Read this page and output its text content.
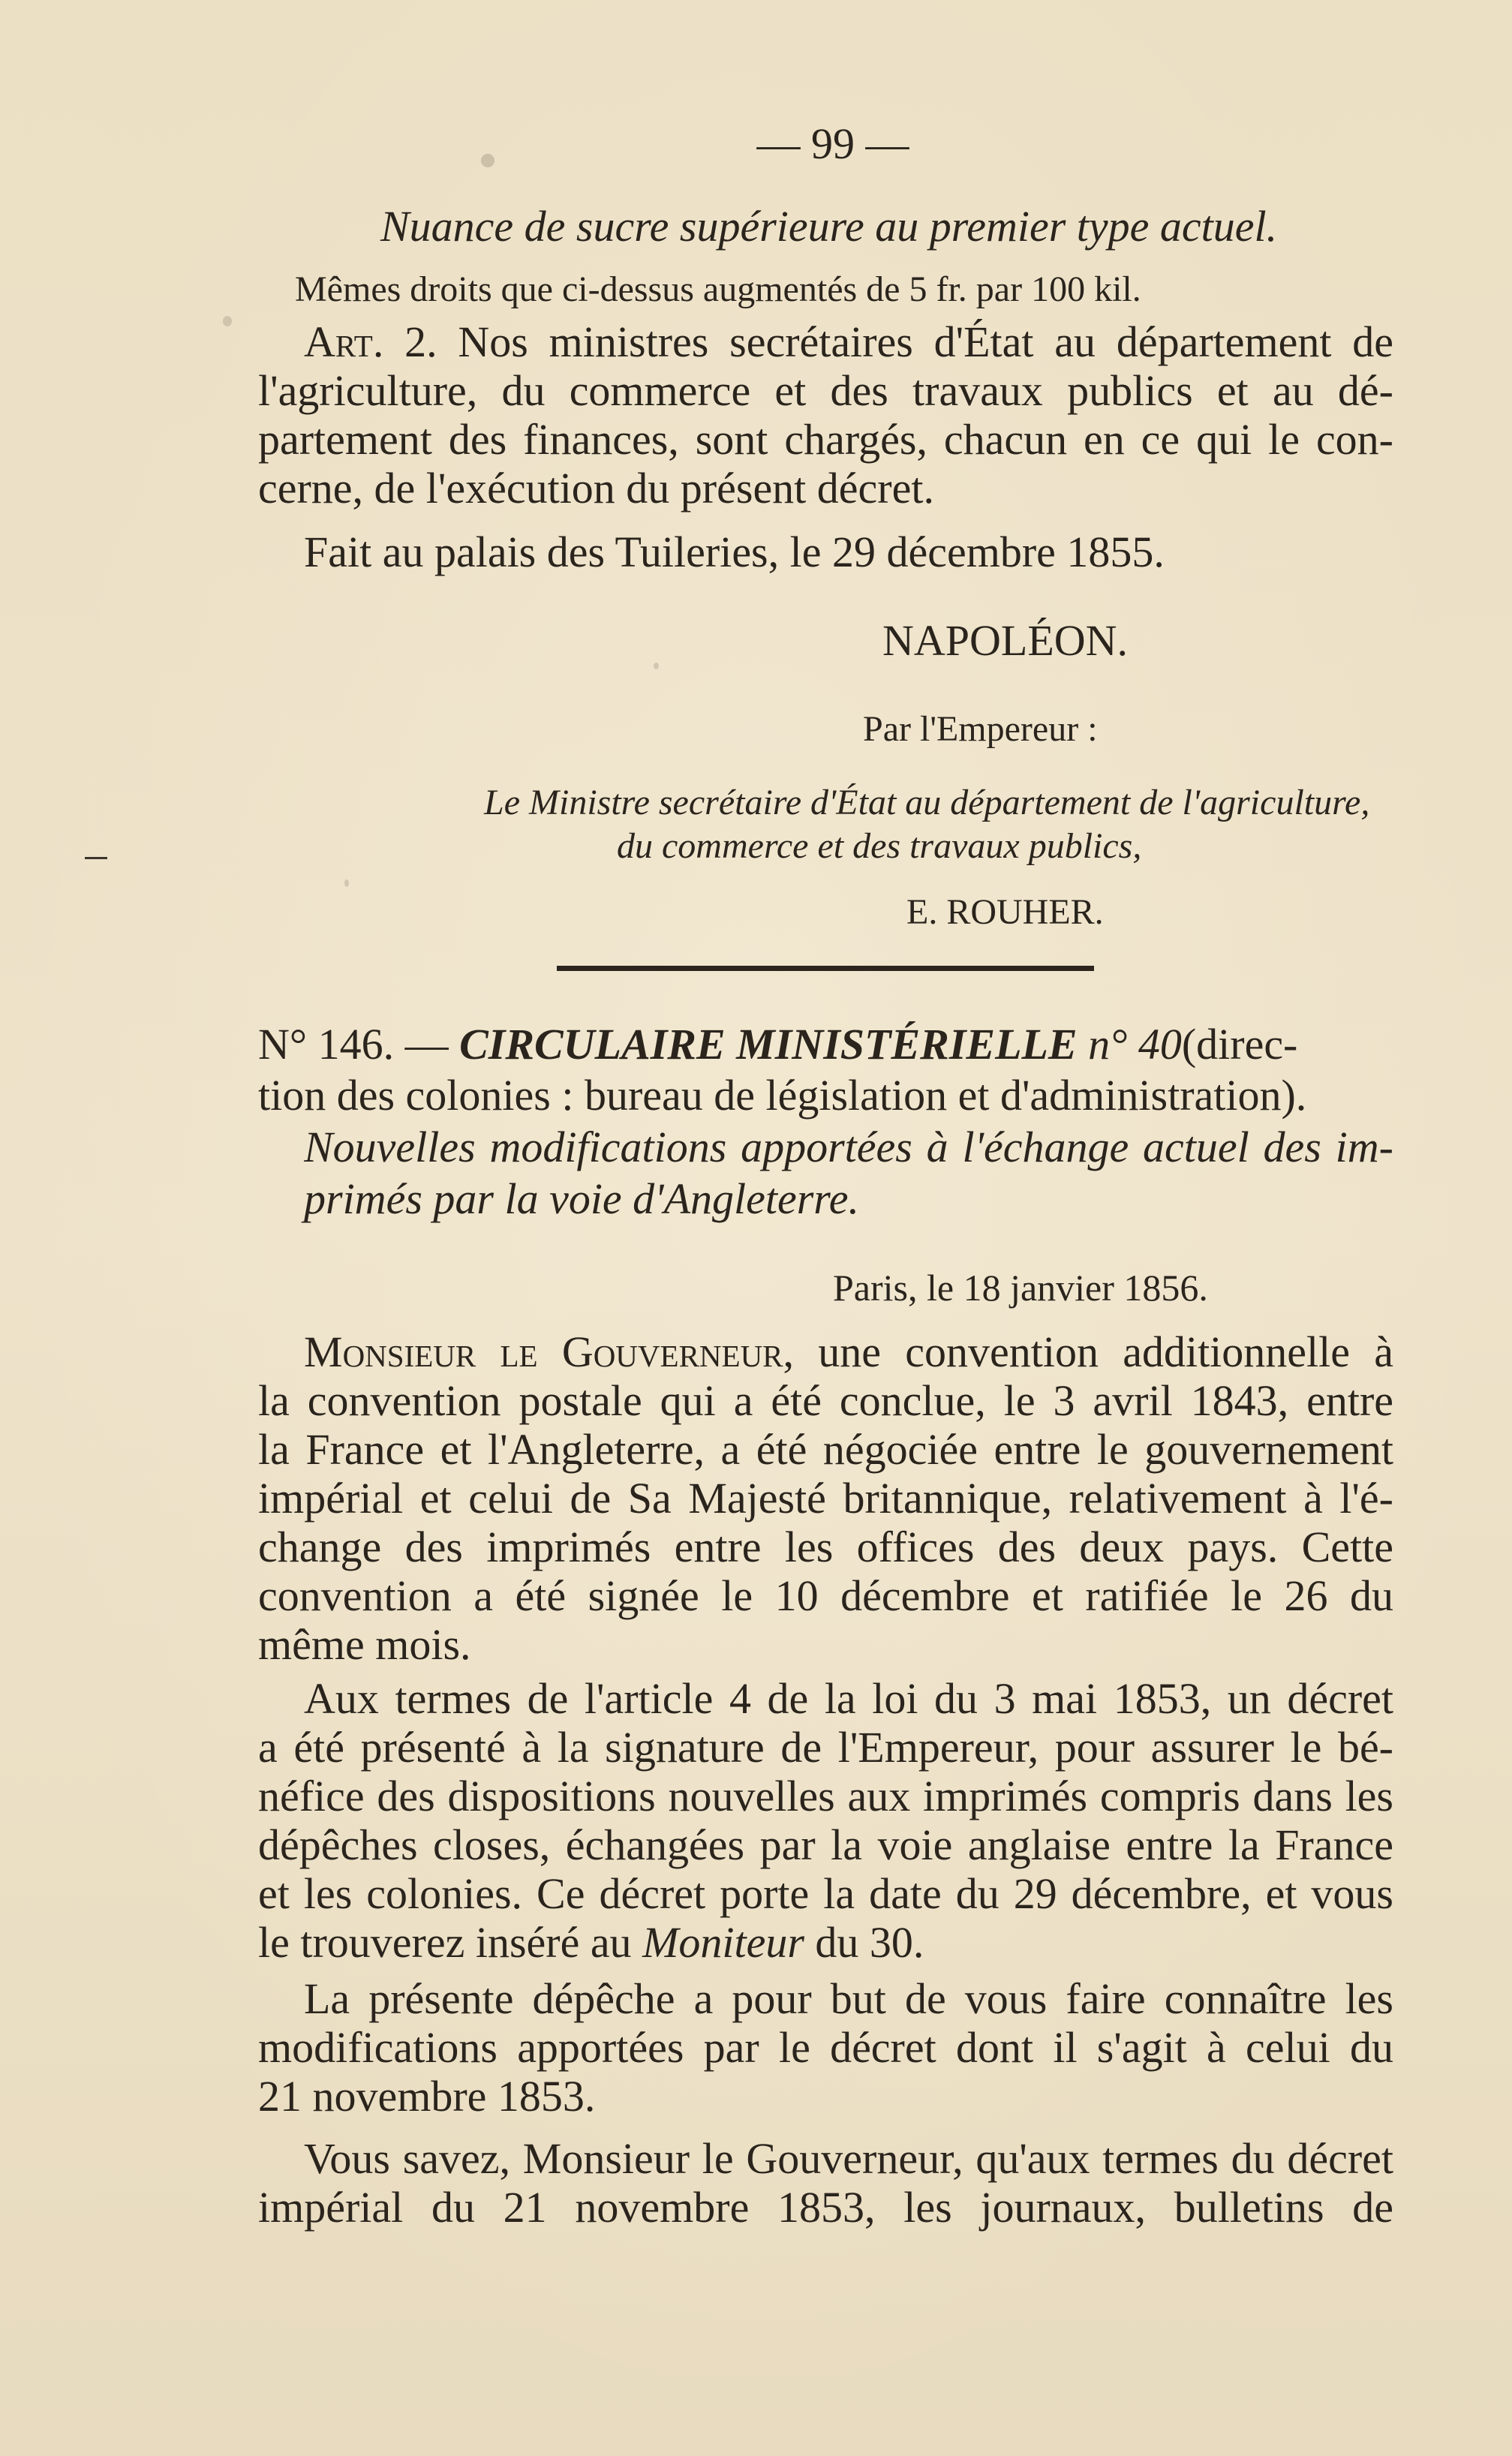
— 99 —
Nuance de sucre supérieure au premier type actuel.
Mêmes droits que ci-dessus augmentés de 5 fr. par 100 kil.
Art. 2. Nos ministres secrétaires d'État au département de
l'agriculture, du commerce et des travaux publics et au dé-
partement des finances, sont chargés, chacun en ce qui le con-
cerne, de l'exécution du présent décret.
Fait au palais des Tuileries, le 29 décembre 1855.
NAPOLÉON.
Par l'Empereur :
Le Ministre secrétaire d'État au département de l'agriculture,
du commerce et des travaux publics,
E. ROUHER.
N° 146. — CIRCULAIRE MINISTÉRIELLE n° 40(direc-
tion des colonies : bureau de législation et d'administration).
Nouvelles modifications apportées à l'échange actuel des im-
primés par la voie d'Angleterre.
Paris, le 18 janvier 1856.
Monsieur le Gouverneur, une convention additionnelle à
la convention postale qui a été conclue, le 3 avril 1843, entre
la France et l'Angleterre, a été négociée entre le gouvernement
impérial et celui de Sa Majesté britannique, relativement à l'é-
change des imprimés entre les offices des deux pays. Cette
convention a été signée le 10 décembre et ratifiée le 26 du
même mois.
Aux termes de l'article 4 de la loi du 3 mai 1853, un décret
a été présenté à la signature de l'Empereur, pour assurer le bé-
néfice des dispositions nouvelles aux imprimés compris dans les
dépêches closes, échangées par la voie anglaise entre la France
et les colonies. Ce décret porte la date du 29 décembre, et vous
le trouverez inséré au Moniteur du 30.
La présente dépêche a pour but de vous faire connaître les
modifications apportées par le décret dont il s'agit à celui du
21 novembre 1853.
Vous savez, Monsieur le Gouverneur, qu'aux termes du décret
impérial du 21 novembre 1853, les journaux, bulletins de
